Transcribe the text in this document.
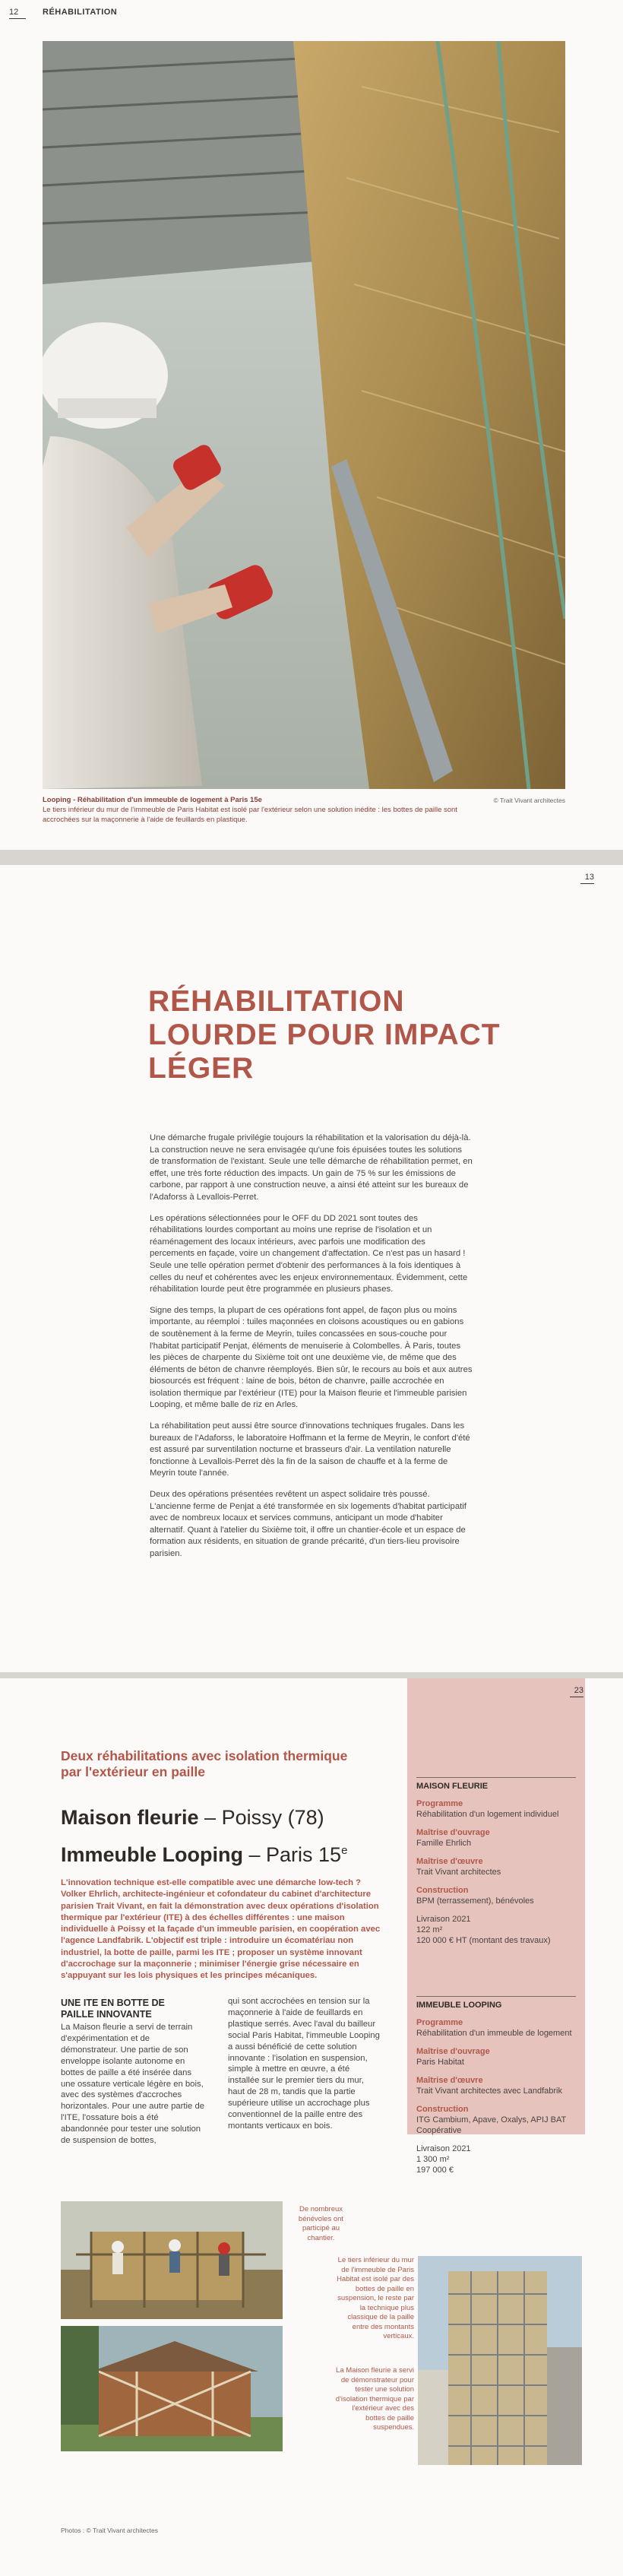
12	RÉHABILITATION
Looping - Réhabilitation d'un immeuble de logement à Paris 15e
Le tiers inférieur du mur de l'immeuble de Paris Habitat est isolé par l'extérieur selon une solution inédite : les bottes de paille sont accrochées sur la maçonnerie à l'aide de feuillards en plastique.
© Trait Vivant architectes
13
RÉHABILITATION LOURDE POUR IMPACT LÉGER

Une démarche frugale privilégie toujours la réhabilitation et la valorisation du déjà-là. La construction neuve ne sera envisagée qu'une fois épuisées toutes les solutions de transformation de l'existant. Seule une telle démarche de réhabilitation permet, en effet, une très forte réduction des impacts. Un gain de 75 % sur les émissions de carbone, par rapport à une construction neuve, a ainsi été atteint sur les bureaux de l'Adaforss à Levallois-Perret.

Les opérations sélectionnées pour le OFF du DD 2021 sont toutes des réhabilitations lourdes comportant au moins une reprise de l'isolation et un réaménagement des locaux intérieurs, avec parfois une modification des percements en façade, voire un changement d'affectation. Ce n'est pas un hasard ! Seule une telle opération permet d'obtenir des performances à la fois identiques à celles du neuf et cohérentes avec les enjeux environnementaux. Évidemment, cette réhabilitation lourde peut être programmée en plusieurs phases.

Signe des temps, la plupart de ces opérations font appel, de façon plus ou moins importante, au réemploi : tuiles maçonnées en cloisons acoustiques ou en gabions de soutènement à la ferme de Meyrin, tuiles concassées en sous-couche pour l'habitat participatif Penjat, éléments de menuiserie à Colombelles. À Paris, toutes les pièces de charpente du Sixième toit ont une deuxième vie, de même que des éléments de béton de chanvre réemployés. Bien sûr, le recours au bois et aux autres biosourcés est fréquent : laine de bois, béton de chanvre, paille accrochée en isolation thermique par l'extérieur (ITE) pour la Maison fleurie et l'immeuble parisien Looping, et même balle de riz en Arles.

La réhabilitation peut aussi être source d'innovations techniques frugales. Dans les bureaux de l'Adaforss, le laboratoire Hoffmann et la ferme de Meyrin, le confort d'été est assuré par surventilation nocturne et brasseurs d'air. La ventilation naturelle fonctionne à Levallois-Perret dès la fin de la saison de chauffe et à la ferme de Meyrin toute l'année.

Deux des opérations présentées revêtent un aspect solidaire très poussé. L'ancienne ferme de Penjat a été transformée en six logements d'habitat participatif avec de nombreux locaux et services communs, anticipant un mode d'habiter alternatif. Quant à l'atelier du Sixième toit, il offre un chantier-école et un espace de formation aux résidents, en situation de grande précarité, d'un tiers-lieu provisoire parisien.

23
Deux réhabilitations avec isolation thermique par l'extérieur en paille
Maison fleurie – Poissy (78)
Immeuble Looping – Paris 15e
L'innovation technique est-elle compatible avec une démarche low-tech ? Volker Ehrlich, architecte-ingénieur et cofondateur du cabinet d'architecture parisien Trait Vivant, en fait la démonstration avec deux opérations d'isolation thermique par l'extérieur (ITE) à des échelles différentes : une maison individuelle à Poissy et la façade d'un immeuble parisien, en coopération avec l'agence Landfabrik. L'objectif est triple : introduire un écomatériau non industriel, la botte de paille, parmi les ITE ; proposer un système innovant d'accrochage sur la maçonnerie ; minimiser l'énergie grise nécessaire en s'appuyant sur les lois physiques et les principes mécaniques.
UNE ITE EN BOTTE DE PAILLE INNOVANTE
La Maison fleurie a servi de terrain d'expérimentation et de démonstrateur. Une partie de son enveloppe isolante autonome en bottes de paille a été insérée dans une ossature verticale légère en bois, avec des systèmes d'accroches horizontales. Pour une autre partie de l'ITE, l'ossature bois a été abandonnée pour tester une solution de suspension de bottes,
qui sont accrochées en tension sur la maçonnerie à l'aide de feuillards en plastique serrés. Avec l'aval du bailleur social Paris Habitat, l'immeuble Looping a aussi bénéficié de cette solution innovante : l'isolation en suspension, simple à mettre en œuvre, a été installée sur le premier tiers du mur, haut de 28 m, tandis que la partie supérieure utilise un accrochage plus conventionnel de la paille entre des montants verticaux en bois.
MAISON FLEURIE
Programme
Réhabilitation d'un logement individuel
Maîtrise d'ouvrage
Famille Ehrlich
Maîtrise d'œuvre
Trait Vivant architectes
Construction
BPM (terrassement), bénévoles
Livraison 2021
122 m²
120 000 € HT (montant des travaux)
IMMEUBLE LOOPING
Programme
Réhabilitation d'un immeuble de logement
Maîtrise d'ouvrage
Paris Habitat
Maîtrise d'œuvre
Trait Vivant architectes avec Landfabrik
Construction
ITG Cambium, Apave, Oxalys, APIJ BAT Coopérative
Livraison 2021
1 300 m²
197 000 €
De nombreux bénévoles ont participé au chantier.
Le tiers inférieur du mur de l'immeuble de Paris Habitat est isolé par des bottes de paille en suspension, le reste par la technique plus classique de la paille entre des montants verticaux.
La Maison fleurie a servi de démonstrateur pour tester une solution d'isolation thermique par l'extérieur avec des bottes de paille suspendues.
Photos : © Trait Vivant architectes
